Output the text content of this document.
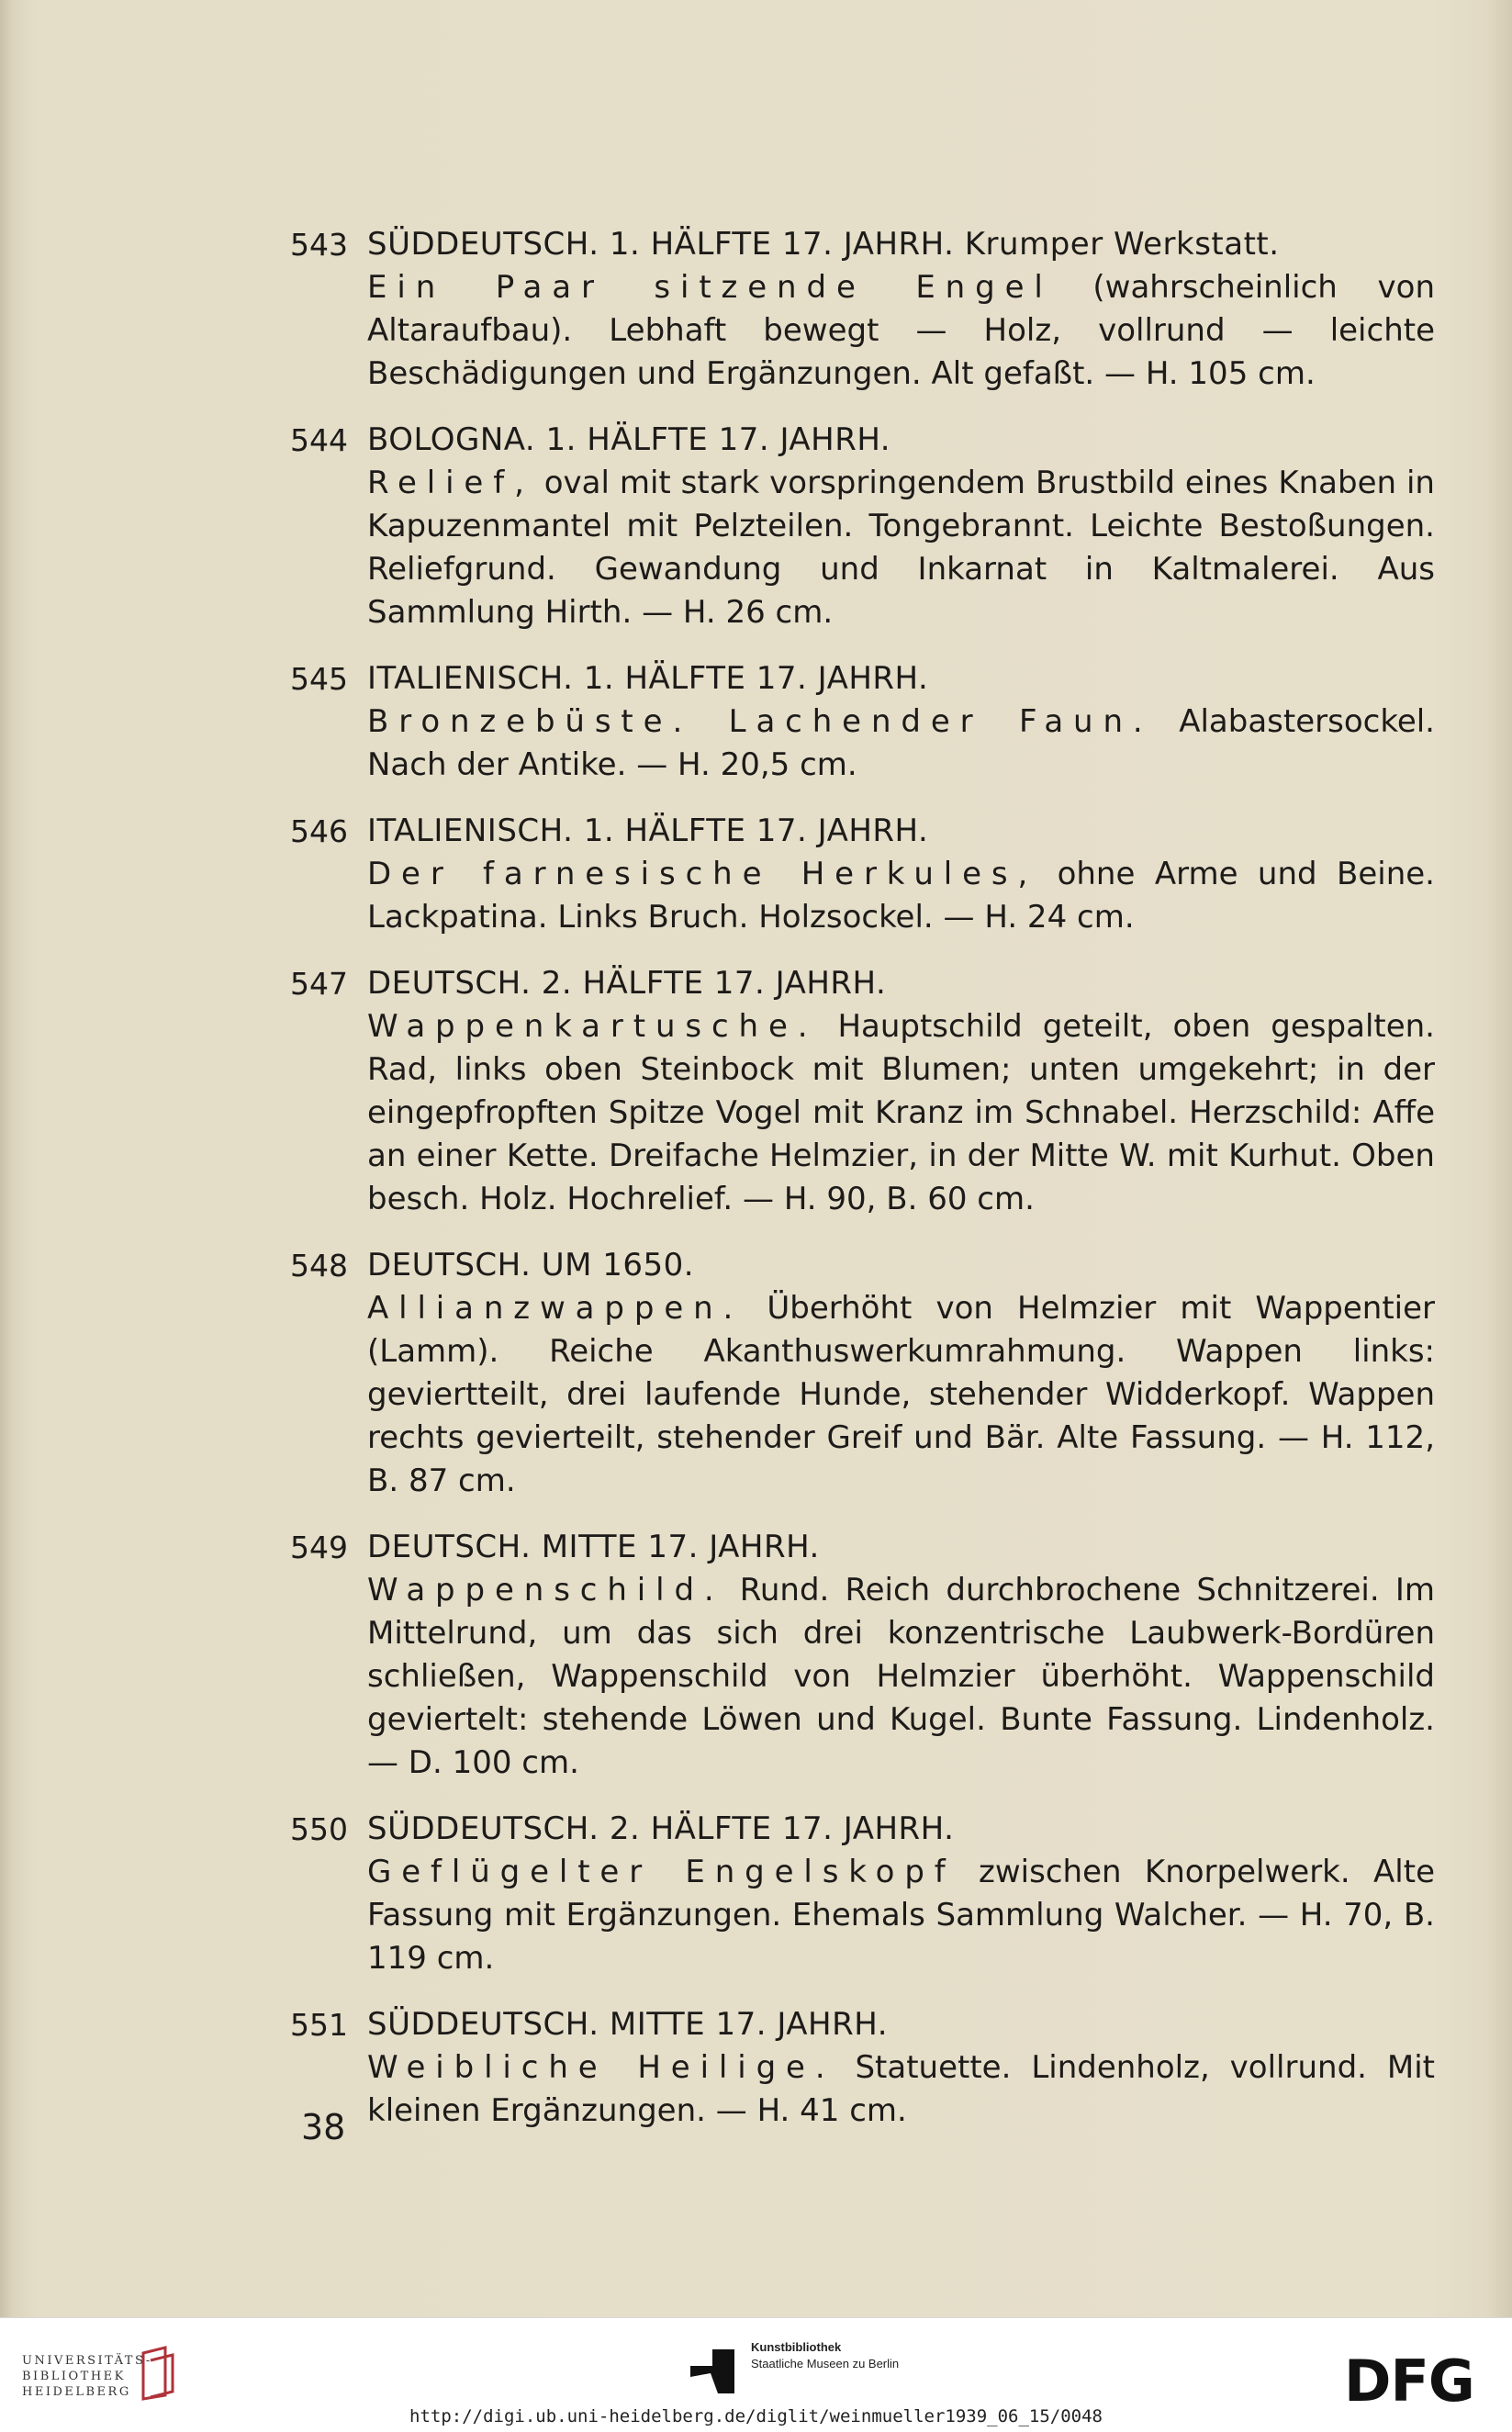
543 SÜDDEUTSCH. 1. HÄLFTE 17. JAHRH. Krumper Werkstatt.
Ein Paar sitzende Engel (wahrscheinlich von Altaraufbau). Lebhaft bewegt — Holz, vollrund — leichte Beschädigungen und Ergänzungen. Alt gefaßt. — H. 105 cm.
544 BOLOGNA. 1. HÄLFTE 17. JAHRH.
Relief, oval mit stark vorspringendem Brustbild eines Knaben in Kapuzenmantel mit Pelzteilen. Tongebrannt. Leichte Bestoßungen. Reliefgrund. Gewandung und Inkarnat in Kaltmalerei. Aus Sammlung Hirth. — H. 26 cm.
545 ITALIENISCH. 1. HÄLFTE 17. JAHRH.
Bronzebüste. Lachender Faun. Alabastersockel. Nach der Antike. — H. 20,5 cm.
546 ITALIENISCH. 1. HÄLFTE 17. JAHRH.
Der farnesische Herkules, ohne Arme und Beine. Lackpatina. Links Bruch. Holzsockel. — H. 24 cm.
547 DEUTSCH. 2. HÄLFTE 17. JAHRH.
Wappenkartusche. Hauptschild geteilt, oben gespalten. Rad, links oben Steinbock mit Blumen; unten umgekehrt; in der eingepfropften Spitze Vogel mit Kranz im Schnabel. Herzschild: Affe an einer Kette. Dreifache Helmzier, in der Mitte W. mit Kurhut. Oben besch. Holz. Hochrelief. — H. 90, B. 60 cm.
548 DEUTSCH. UM 1650.
Allianzwappen. Überhöht von Helmzier mit Wappentier (Lamm). Reiche Akanthuswerkumrahmung. Wappen links: geviertteilt, drei laufende Hunde, stehender Widderkopf. Wappen rechts gevierteilt, stehender Greif und Bär. Alte Fassung. — H. 112, B. 87 cm.
549 DEUTSCH. MITTE 17. JAHRH.
Wappenschild. Rund. Reich durchbrochene Schnitzerei. Im Mittelrund, um das sich drei konzentrische Laubwerk-Bordüren schließen, Wappenschild von Helmzier überhöht. Wappenschild geviertelt: stehende Löwen und Kugel. Bunte Fassung. Lindenholz. — D. 100 cm.
550 SÜDDEUTSCH. 2. HÄLFTE 17. JAHRH.
Geflügelter Engelskopf zwischen Knorpelwerk. Alte Fassung mit Ergänzungen. Ehemals Sammlung Walcher. — H. 70, B. 119 cm.
551 SÜDDEUTSCH. MITTE 17. JAHRH.
Weibliche Heilige. Statuette. Lindenholz, vollrund. Mit kleinen Ergänzungen. — H. 41 cm.
38
UNIVERSITÄTS-
BIBLIOTHEK
HEIDELBERG
Kunstbibliothek
Staatliche Museen zu Berlin	DFG
http://digi.ub.uni-heidelberg.de/diglit/weinmueller1939_06_15/0048
